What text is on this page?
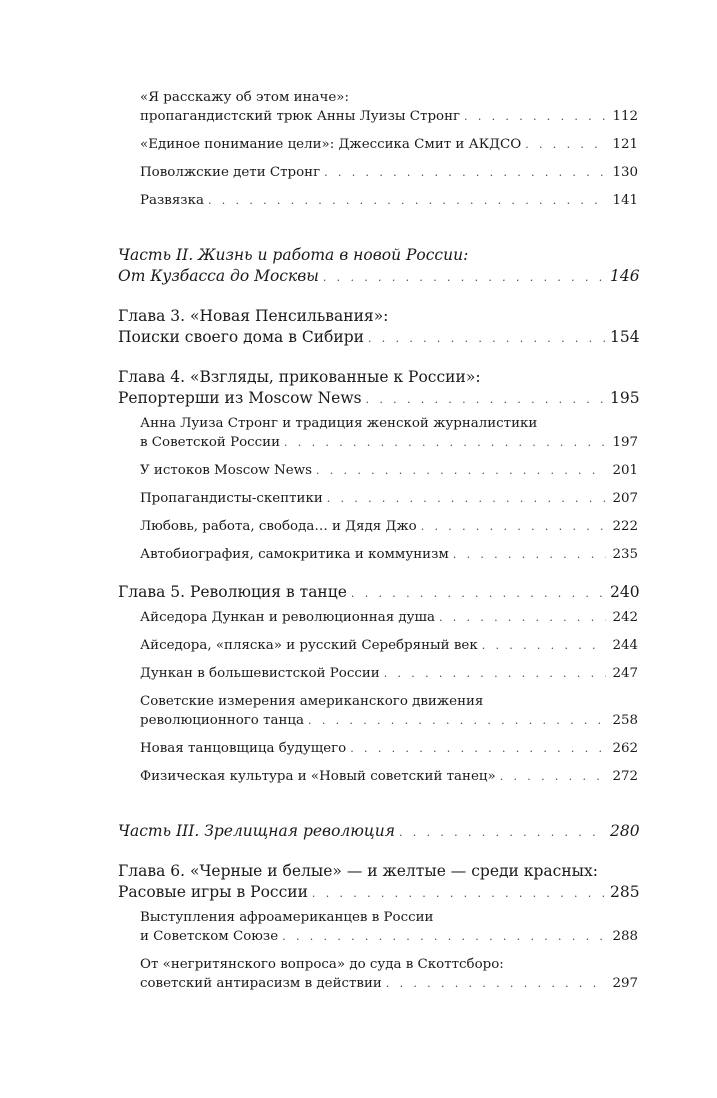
«Я расскажу об этом иначе»:
пропагандистский трюк Анны Луизы Стронг . . .	112
«Единое понимание цели»: Джессика Смит и АКДСО . . .	121
Поволжские дети Стронг . . .	130
Развязка . . .	141
Часть II. Жизнь и работа в новой России:
От Кузбасса до Москвы . . .	146
Глава 3. «Новая Пенсильвания»:
Поиски своего дома в Сибири . . .	154
Глава 4. «Взгляды, прикованные к России»:
Репортерши из Moscow News . . .	195
Анна Луиза Стронг и традиция женской журналистики
в Советской России . . .	197
У истоков Moscow News . . .	201
Пропагандисты-скептики . . .	207
Любовь, работа, свобода… и Дядя Джо . . .	222
Автобиография, самокритика и коммунизм . . .	235
Глава 5. Революция в танце . . .	240
Айседора Дункан и революционная душа . . .	242
Айседора, «пляска» и русский Серебряный век . . .	244
Дункан в большевистской России . . .	247
Советские измерения американского движения
революционного танца . . .	258
Новая танцовщица будущего . . .	262
Физическая культура и «Новый советский танец» . . .	272
Часть III. Зрелищная революция . . .	280
Глава 6. «Черные и белые» — и желтые — среди красных:
Расовые игры в России . . .	285
Выступления афроамериканцев в России
и Советском Союзе . . .	288
От «негритянского вопроса» до суда в Скоттсборо:
советский антирасизм в действии . . .	297
